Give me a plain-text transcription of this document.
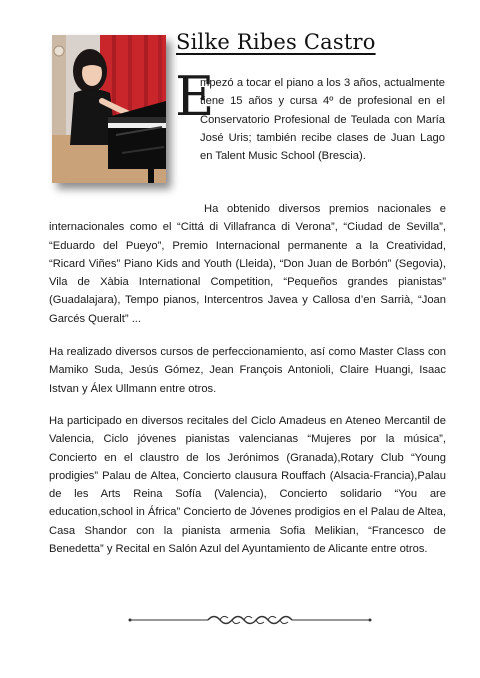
Silke Ribes Castro
E
mpezó a tocar el piano a los 3 años, actualmente tiene 15 años y cursa 4º de profesional en el Conservatorio Profesional de Teulada con María José Uris; también recibe clases de Juan Lago en Talent Music School (Brescia).
Ha obtenido diversos premios nacionales e internacionales como el “Cittá di Villafranca di Verona”, “Ciudad de Sevilla”, “Eduardo del Pueyo”, Premio Internacional permanente a la Creatividad, “Ricard Viñes” Piano Kids and Youth (Lleida), “Don Juan de Borbón” (Segovia), Vila de Xàbia International Competition, “Pequeños grandes pianistas” (Guadalajara), Tempo pianos, Intercentros Javea y Callosa d’en Sarrià, “Joan Garcés Queralt” ...
Ha realizado diversos cursos de perfeccionamiento, así como Master Class con Mamiko Suda, Jesús Gómez, Jean François Antonioli, Claire Huangi, Isaac Istvan y Álex Ullmann entre otros.
Ha participado en diversos recitales del Ciclo Amadeus en Ateneo Mercantil de Valencia, Ciclo jóvenes pianistas valencianas “Mujeres por la música”, Concierto en el claustro de los Jerónimos (Granada),Rotary Club “Young prodigies” Palau de Altea, Concierto clausura Rouffach (Alsacia-Francia),Palau de les Arts Reina Sofía (Valencia), Concierto solidario “You are education,school in África” Concierto de Jóvenes prodigios en el Palau de Altea, Casa Shandor con la pianista armenia Sofia Melikian, “Francesco de Benedetta” y Recital en Salón Azul del Ayuntamiento de Alicante entre otros.
